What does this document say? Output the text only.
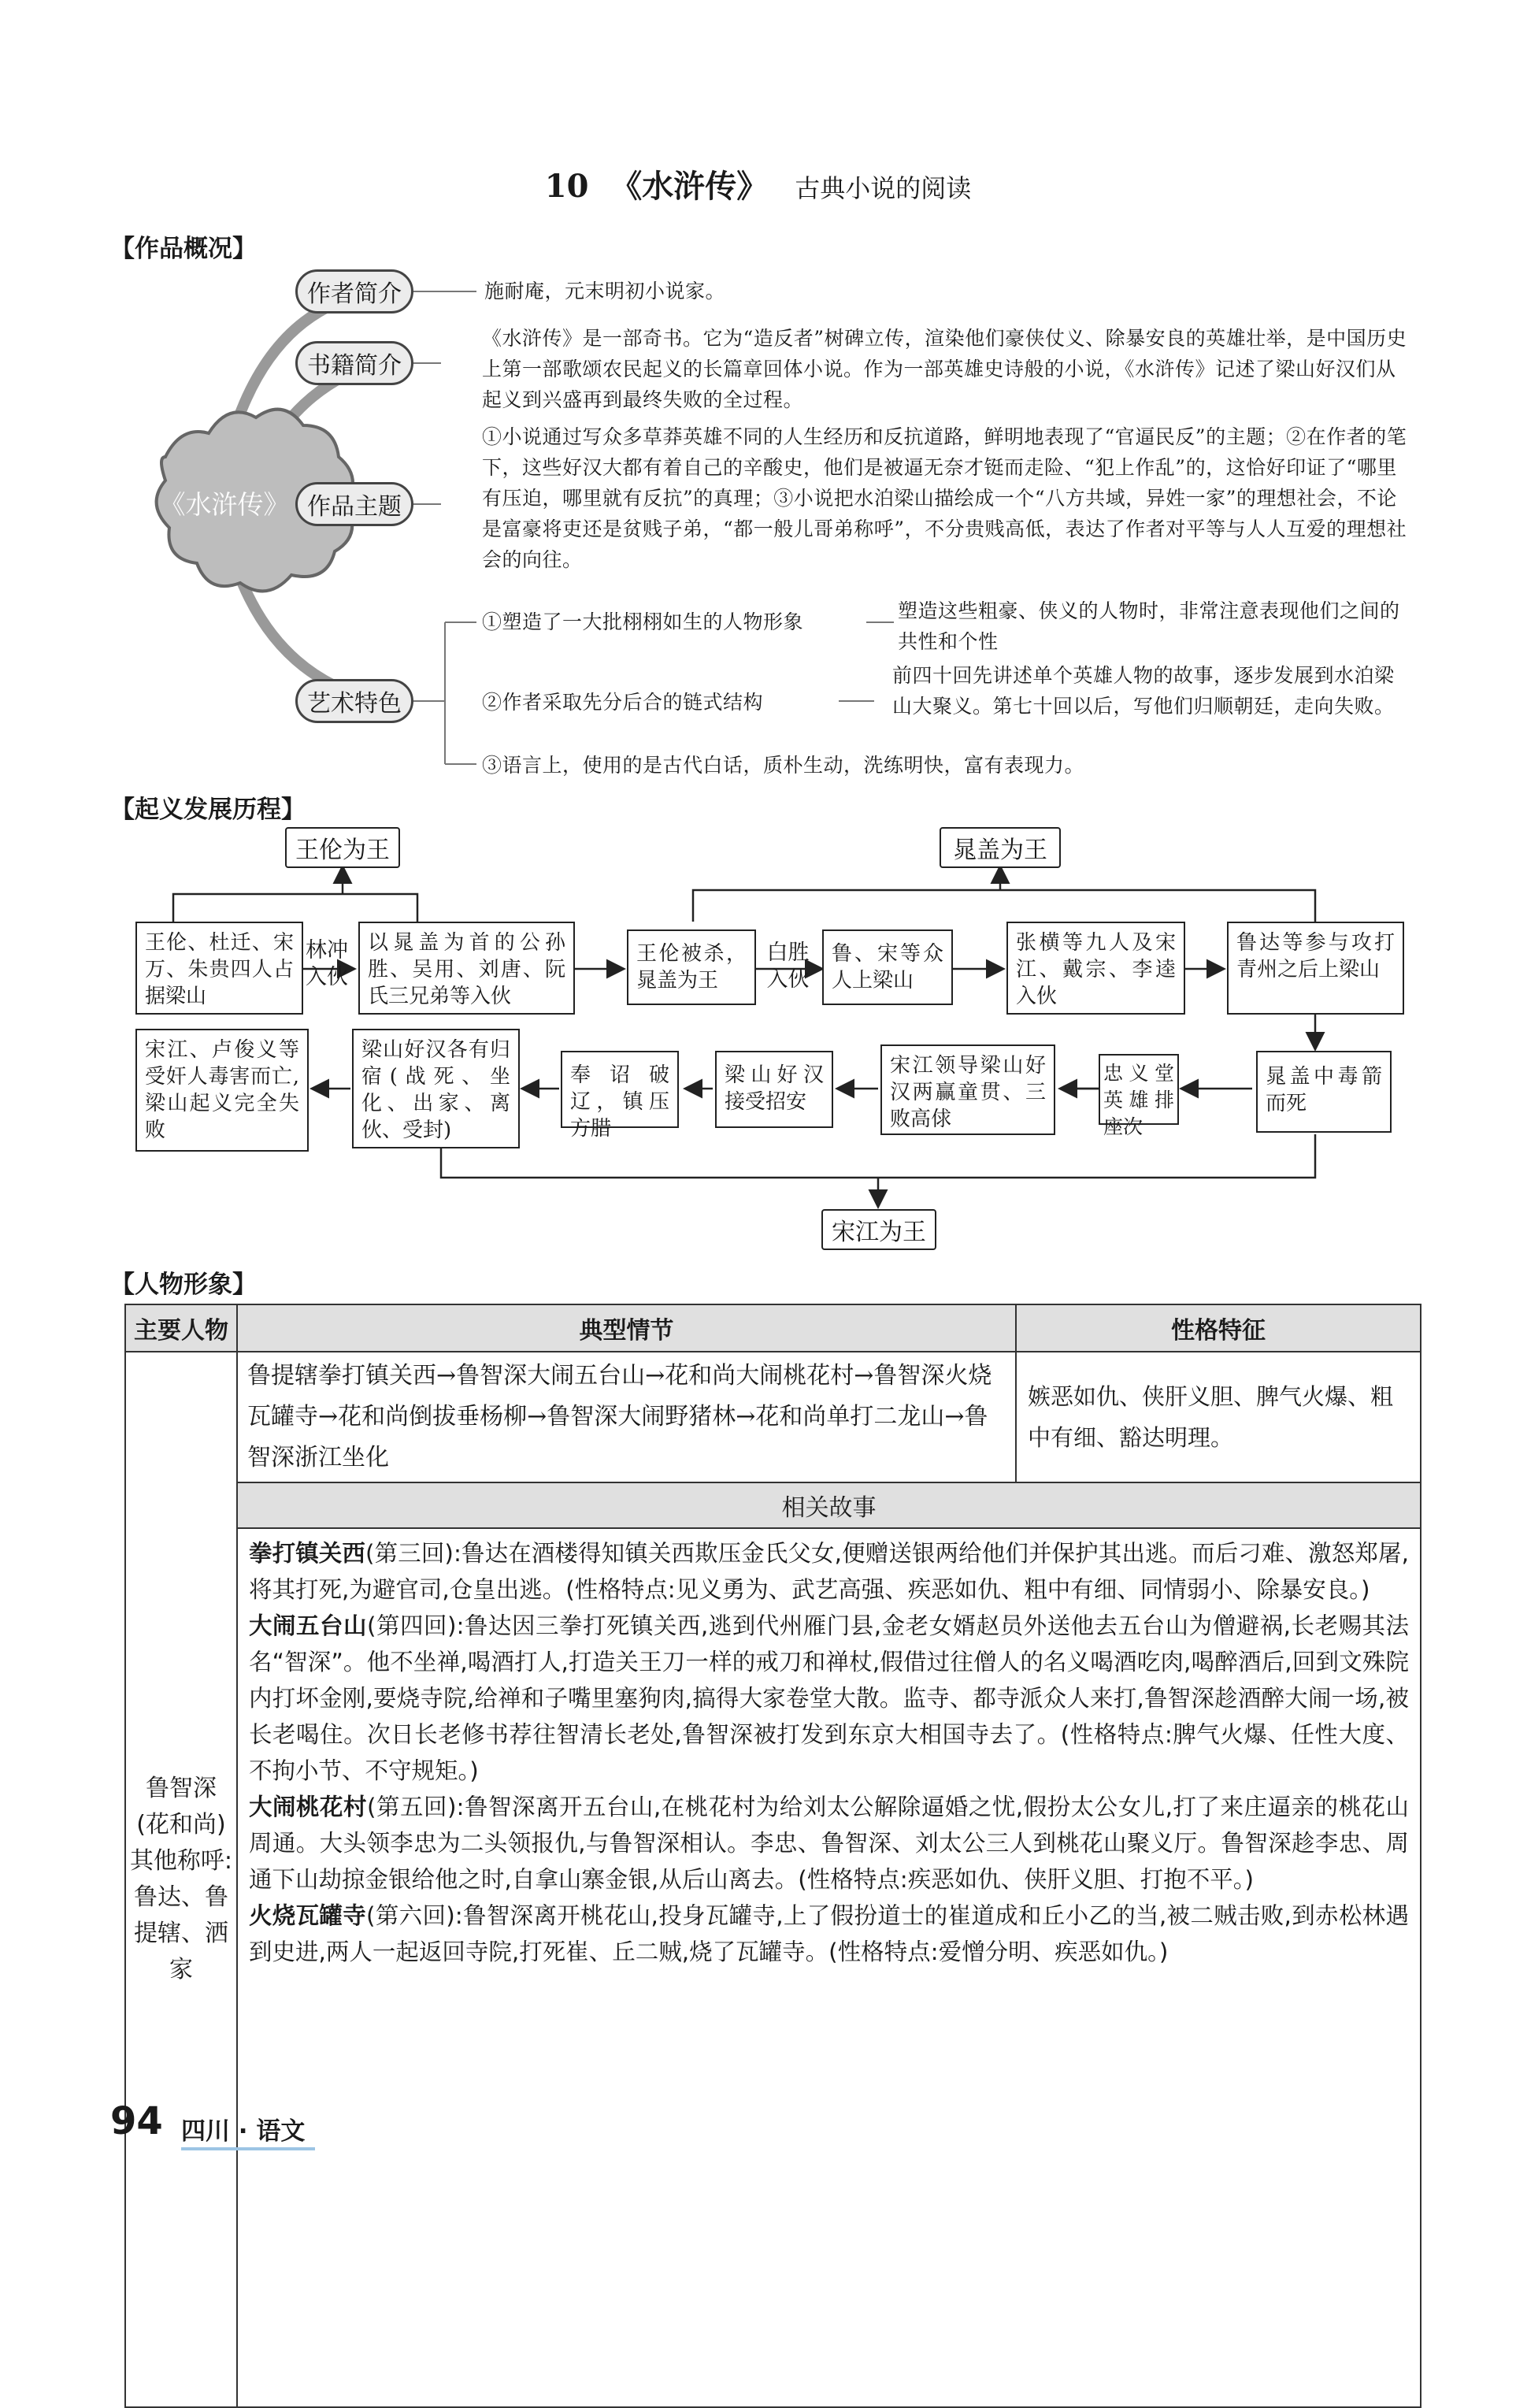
10 《水浒传》 古典小说的阅读
【作品概况】
《水浒传》
作者简介
书籍简介
作品主题
艺术特色
施耐庵，元末明初小说家。
《水浒传》是一部奇书。它为“造反者”树碑立传，渲染他们豪侠仗义、除暴安良的英雄壮举，是中国历史上第一部歌颂农民起义的长篇章回体小说。作为一部英雄史诗般的小说，《水浒传》记述了梁山好汉们从起义到兴盛再到最终失败的全过程。
①小说通过写众多草莽英雄不同的人生经历和反抗道路，鲜明地表现了“官逼民反”的主题；②在作者的笔下，这些好汉大都有着自己的辛酸史，他们是被逼无奈才铤而走险、“犯上作乱”的，这恰好印证了“哪里有压迫，哪里就有反抗”的真理；③小说把水泊梁山描绘成一个“八方共域，异姓一家”的理想社会，不论是富豪将吏还是贫贱子弟，“都一般儿哥弟称呼”，不分贵贱高低，表达了作者对平等与人人互爱的理想社会的向往。
①塑造了一大批栩栩如生的人物形象	塑造这些粗豪、侠义的人物时，非常注意表现他们之间的共性和个性
②作者采取先分后合的链式结构
前四十回先讲述单个英雄人物的故事，逐步发展到水泊梁山大聚义。第七十回以后，写他们归顺朝廷，走向失败。
③语言上，使用的是古代白话，质朴生动，洗练明快，富有表现力。
【起义发展历程】
王伦为王	晁盖为王
宋江为王
王伦、杜迁、宋万、朱贵四人占据梁山
林冲入伙
以晁盖为首的公孙胜、吴用、刘唐、阮氏三兄弟等入伙
王伦被杀，晁盖为王
白胜入伙
鲁、宋等众人上梁山
张横等九人及宋江、戴宗、李逵入伙
鲁达等参与攻打青州之后上梁山
晁盖中毒箭而死
忠义堂英雄排座次
宋江领导梁山好汉两赢童贯、三败高俅
梁山好汉接受招安
奉诏破辽，镇压方腊
梁山好汉各有归宿(战死、坐化、出家、离伙、受封)
宋江、卢俊义等受奸人毒害而亡,梁山起义完全失败
【人物形象】
主要人物	典型情节	性格特征

鲁智深
(花和尚)
其他称呼:
鲁达、鲁提辖、洒家	鲁提辖拳打镇关西→鲁智深大闹五台山→花和尚大闹桃花村→鲁智深火烧瓦罐寺→花和尚倒拔垂杨柳→鲁智深大闹野猪林→花和尚单打二龙山→鲁智深浙江坐化	嫉恶如仇、侠肝义胆、脾气火爆、粗中有细、豁达明理。
	相关故事	

	拳打镇关西(第三回):鲁达在酒楼得知镇关西欺压金氏父女,便赠送银两给他们并保护其出逃。而后刁难、激怒郑屠,将其打死,为避官司,仓皇出逃。(性格特点:见义勇为、武艺高强、疾恶如仇、粗中有细、同情弱小、除暴安良。)
大闹五台山(第四回):鲁达因三拳打死镇关西,逃到代州雁门县,金老女婿赵员外送他去五台山为僧避祸,长老赐其法名“智深”。他不坐禅,喝酒打人,打造关王刀一样的戒刀和禅杖,假借过往僧人的名义喝酒吃肉,喝醉酒后,回到文殊院内打坏金刚,要烧寺院,给禅和子嘴里塞狗肉,搞得大家卷堂大散。监寺、都寺派众人来打,鲁智深趁酒醉大闹一场,被长老喝住。次日长老修书荐往智清长老处,鲁智深被打发到东京大相国寺去了。(性格特点:脾气火爆、任性大度、不拘小节、不守规矩。)
大闹桃花村(第五回):鲁智深离开五台山,在桃花村为给刘太公解除逼婚之忧,假扮太公女儿,打了来庄逼亲的桃花山周通。大头领李忠为二头领报仇,与鲁智深相认。李忠、鲁智深、刘太公三人到桃花山聚义厅。鲁智深趁李忠、周通下山劫掠金银给他之时,自拿山寨金银,从后山离去。(性格特点:疾恶如仇、侠肝义胆、打抱不平。)
火烧瓦罐寺(第六回):鲁智深离开桃花山,投身瓦罐寺,上了假扮道士的崔道成和丘小乙的当,被二贼击败,到赤松林遇到史进,两人一起返回寺院,打死崔、丘二贼,烧了瓦罐寺。(性格特点:爱憎分明、疾恶如仇。)	
94 四川 · 语文
